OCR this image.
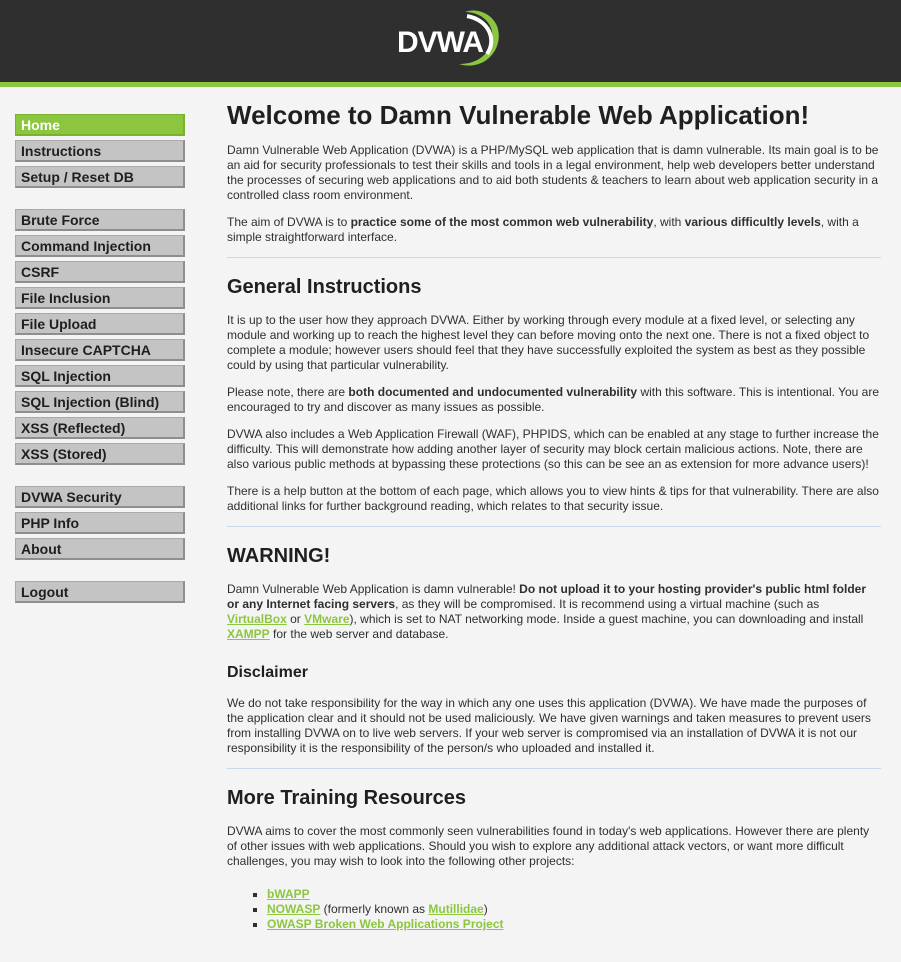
DVWA
Home
Instructions
Setup / Reset DB
Brute Force
Command Injection
CSRF
File Inclusion
File Upload
Insecure CAPTCHA
SQL Injection
SQL Injection (Blind)
XSS (Reflected)
XSS (Stored)
DVWA Security
PHP Info
About
Logout
Welcome to Damn Vulnerable Web Application!

Damn Vulnerable Web Application (DVWA) is a PHP/MySQL web application that is damn vulnerable. Its main goal is to be an aid for security professionals to test their skills and tools in a legal environment, help web developers better understand the processes of securing web applications and to aid both students & teachers to learn about web application security in a controlled class room environment.

The aim of DVWA is to practice some of the most common web vulnerability, with various difficultly levels, with a simple straightforward interface.

General Instructions

It is up to the user how they approach DVWA. Either by working through every module at a fixed level, or selecting any module and working up to reach the highest level they can before moving onto the next one. There is not a fixed object to complete a module; however users should feel that they have successfully exploited the system as best as they possible could by using that particular vulnerability.

Please note, there are both documented and undocumented vulnerability with this software. This is intentional. You are encouraged to try and discover as many issues as possible.

DVWA also includes a Web Application Firewall (WAF), PHPIDS, which can be enabled at any stage to further increase the difficulty. This will demonstrate how adding another layer of security may block certain malicious actions. Note, there are also various public methods at bypassing these protections (so this can be see an as extension for more advance users)!

There is a help button at the bottom of each page, which allows you to view hints & tips for that vulnerability. There are also additional links for further background reading, which relates to that security issue.

WARNING!

Damn Vulnerable Web Application is damn vulnerable! Do not upload it to your hosting provider's public html folder or any Internet facing servers, as they will be compromised. It is recommend using a virtual machine (such as VirtualBox or VMware), which is set to NAT networking mode. Inside a guest machine, you can downloading and install XAMPP for the web server and database.

Disclaimer

We do not take responsibility for the way in which any one uses this application (DVWA). We have made the purposes of the application clear and it should not be used maliciously. We have given warnings and taken measures to prevent users from installing DVWA on to live web servers. If your web server is compromised via an installation of DVWA it is not our responsibility it is the responsibility of the person/s who uploaded and installed it.

More Training Resources

DVWA aims to cover the most commonly seen vulnerabilities found in today's web applications. However there are plenty of other issues with web applications. Should you wish to explore any additional attack vectors, or want more difficult challenges, you may wish to look into the following other projects:

▪ bWAPP
▪ NOWASP (formerly known as Mutillidae)
▪ OWASP Broken Web Applications Project
